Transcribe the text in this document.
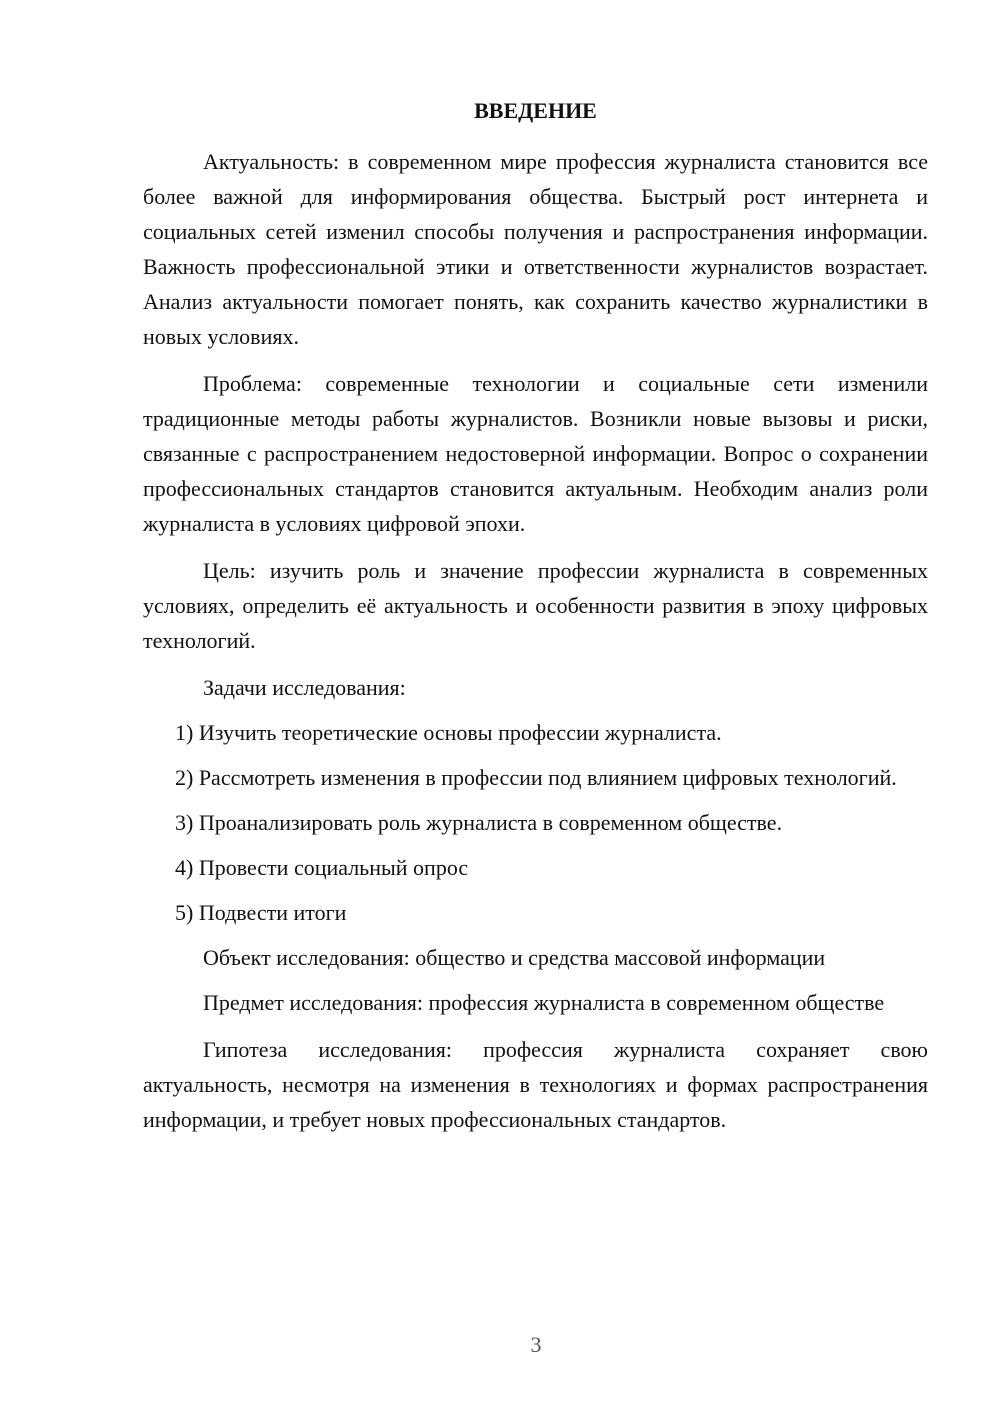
ВВЕДЕНИЕ

Актуальность: в современном мире профессия журналиста становится все более важной для информирования общества. Быстрый рост интернета и социальных сетей изменил способы получения и распространения информации. Важность профессиональной этики и ответственности журналистов возрастает. Анализ актуальности помогает понять, как сохранить качество журналистики в новых условиях.

Проблема: современные технологии и социальные сети изменили традиционные методы работы журналистов. Возникли новые вызовы и риски, связанные с распространением недостоверной информации. Вопрос о сохранении профессиональных стандартов становится актуальным. Необходим анализ роли журналиста в условиях цифровой эпохи.

Цель: изучить роль и значение профессии журналиста в современных условиях, определить её актуальность и особенности развития в эпоху цифровых технологий.

Задачи исследования:

1) Изучить теоретические основы профессии журналиста.

2) Рассмотреть изменения в профессии под влиянием цифровых технологий.

3) Проанализировать роль журналиста в современном обществе.

4) Провести социальный опрос

5) Подвести итоги

Объект исследования: общество и средства массовой информации

Предмет исследования: профессия журналиста в современном обществе

Гипотеза исследования: профессия журналиста сохраняет свою актуальность, несмотря на изменения в технологиях и формах распространения информации, и требует новых профессиональных стандартов.

3
